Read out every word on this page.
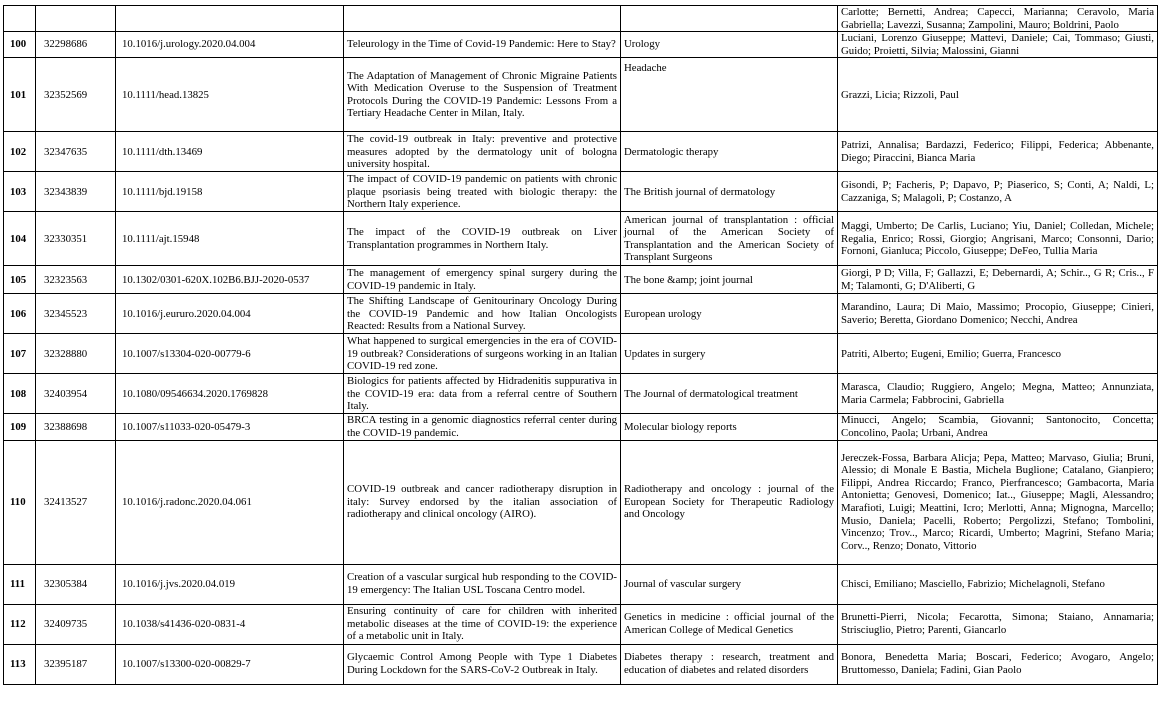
					Carlotte; Bernetti, Andrea; Capecci, Marianna; Ceravolo, Maria Gabriella; Lavezzi, Susanna; Zampolini, Mauro; Boldrini, Paolo
100	32298686	10.1016/j.urology.2020.04.004	Teleurology in the Time of Covid-19 Pandemic: Here to Stay?	Urology	Luciani, Lorenzo Giuseppe; Mattevi, Daniele; Cai, Tommaso; Giusti, Guido; Proietti, Silvia; Malossini, Gianni
101	32352569	10.1111/head.13825	The Adaptation of Management of Chronic Migraine Patients With Medication Overuse to the Suspension of Treatment Protocols During the COVID-19 Pandemic: Lessons From a Tertiary Headache Center in Milan, Italy.	Headache	Grazzi, Licia; Rizzoli, Paul
102	32347635	10.1111/dth.13469	The covid-19 outbreak in Italy: preventive and protective measures adopted by the dermatology unit of bologna university hospital.	Dermatologic therapy	Patrizi, Annalisa; Bardazzi, Federico; Filippi, Federica; Abbenante, Diego; Piraccini, Bianca Maria
103	32343839	10.1111/bjd.19158	The impact of COVID-19 pandemic on patients with chronic plaque psoriasis being treated with biologic therapy: the Northern Italy experience.	The British journal of dermatology	Gisondi, P; Facheris, P; Dapavo, P; Piaserico, S; Conti, A; Naldi, L; Cazzaniga, S; Malagoli, P; Costanzo, A
104	32330351	10.1111/ajt.15948	The impact of the COVID-19 outbreak on Liver Transplantation programmes in Northern Italy.	American journal of transplantation : official journal of the American Society of Transplantation and the American Society of Transplant Surgeons	Maggi, Umberto; De Carlis, Luciano; Yiu, Daniel; Colledan, Michele; Regalia, Enrico; Rossi, Giorgio; Angrisani, Marco; Consonni, Dario; Fornoni, Gianluca; Piccolo, Giuseppe; DeFeo, Tullia Maria
105	32323563	10.1302/0301-620X.102B6.BJJ-2020-0537	The management of emergency spinal surgery during the COVID-19 pandemic in Italy.	The bone &amp; joint journal	Giorgi, P D; Villa, F; Gallazzi, E; Debernardi, A; Schir.., G R; Cris.., F M; Talamonti, G; D'Aliberti, G
106	32345523	10.1016/j.eururo.2020.04.004	The Shifting Landscape of Genitourinary Oncology During the COVID-19 Pandemic and how Italian Oncologists Reacted: Results from a National Survey.	European urology	Marandino, Laura; Di Maio, Massimo; Procopio, Giuseppe; Cinieri, Saverio; Beretta, Giordano Domenico; Necchi, Andrea
107	32328880	10.1007/s13304-020-00779-6	What happened to surgical emergencies in the era of COVID-19 outbreak? Considerations of surgeons working in an Italian COVID-19 red zone.	Updates in surgery	Patriti, Alberto; Eugeni, Emilio; Guerra, Francesco
108	32403954	10.1080/09546634.2020.1769828	Biologics for patients affected by Hidradenitis suppurativa in the COVID-19 era: data from a referral centre of Southern Italy.	The Journal of dermatological treatment	Marasca, Claudio; Ruggiero, Angelo; Megna, Matteo; Annunziata, Maria Carmela; Fabbrocini, Gabriella
109	32388698	10.1007/s11033-020-05479-3	BRCA testing in a genomic diagnostics referral center during the COVID-19 pandemic.	Molecular biology reports	Minucci, Angelo; Scambia, Giovanni; Santonocito, Concetta; Concolino, Paola; Urbani, Andrea
110	32413527	10.1016/j.radonc.2020.04.061	COVID-19 outbreak and cancer radiotherapy disruption in italy: Survey endorsed by the italian association of radiotherapy and clinical oncology (AIRO).	Radiotherapy and oncology : journal of the European Society for Therapeutic Radiology and Oncology	Jereczek-Fossa, Barbara Alicja; Pepa, Matteo; Marvaso, Giulia; Bruni, Alessio; di Monale E Bastia, Michela Buglione; Catalano, Gianpiero; Filippi, Andrea Riccardo; Franco, Pierfrancesco; Gambacorta, Maria Antonietta; Genovesi, Domenico; Iat.., Giuseppe; Magli, Alessandro; Marafioti, Luigi; Meattini, Icro; Merlotti, Anna; Mignogna, Marcello; Musio, Daniela; Pacelli, Roberto; Pergolizzi, Stefano; Tombolini, Vincenzo; Trov.., Marco; Ricardi, Umberto; Magrini, Stefano Maria; Corv.., Renzo; Donato, Vittorio
111	32305384	10.1016/j.jvs.2020.04.019	Creation of a vascular surgical hub responding to the COVID-19 emergency: The Italian USL Toscana Centro model.	Journal of vascular surgery	Chisci, Emiliano; Masciello, Fabrizio; Michelagnoli, Stefano
112	32409735	10.1038/s41436-020-0831-4	Ensuring continuity of care for children with inherited metabolic diseases at the time of COVID-19: the experience of a metabolic unit in Italy.	Genetics in medicine : official journal of the American College of Medical Genetics	Brunetti-Pierri, Nicola; Fecarotta, Simona; Staiano, Annamaria; Strisciuglio, Pietro; Parenti, Giancarlo
113	32395187	10.1007/s13300-020-00829-7	Glycaemic Control Among People with Type 1 Diabetes During Lockdown for the SARS-CoV-2 Outbreak in Italy.	Diabetes therapy : research, treatment and education of diabetes and related disorders	Bonora, Benedetta Maria; Boscari, Federico; Avogaro, Angelo; Bruttomesso, Daniela; Fadini, Gian Paolo
